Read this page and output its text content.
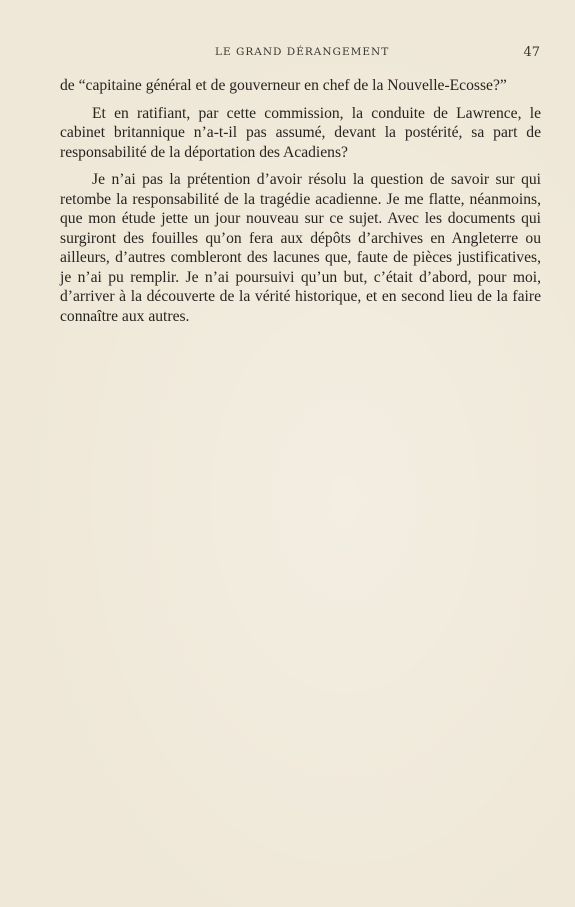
LE GRAND DÉRANGEMENT	47

de “capitaine général et de gouverneur en chef de la Nouvelle-Ecosse?”

Et en ratifiant, par cette commission, la conduite de Lawrence, le cabinet britannique n’a-t-il pas assumé, devant la postérité, sa part de responsabilité de la déportation des Acadiens?

Je n’ai pas la prétention d’avoir résolu la question de savoir sur qui retombe la responsabilité de la tragédie acadienne. Je me flatte, néanmoins, que mon étude jette un jour nouveau sur ce sujet. Avec les documents qui surgiront des fouilles qu’on fera aux dépôts d’archives en Angleterre ou ailleurs, d’autres combleront des lacunes que, faute de pièces justificatives, je n’ai pu remplir. Je n’ai poursuivi qu’un but, c’était d’abord, pour moi, d’arriver à la découverte de la vérité historique, et en second lieu de la faire connaître aux autres.
